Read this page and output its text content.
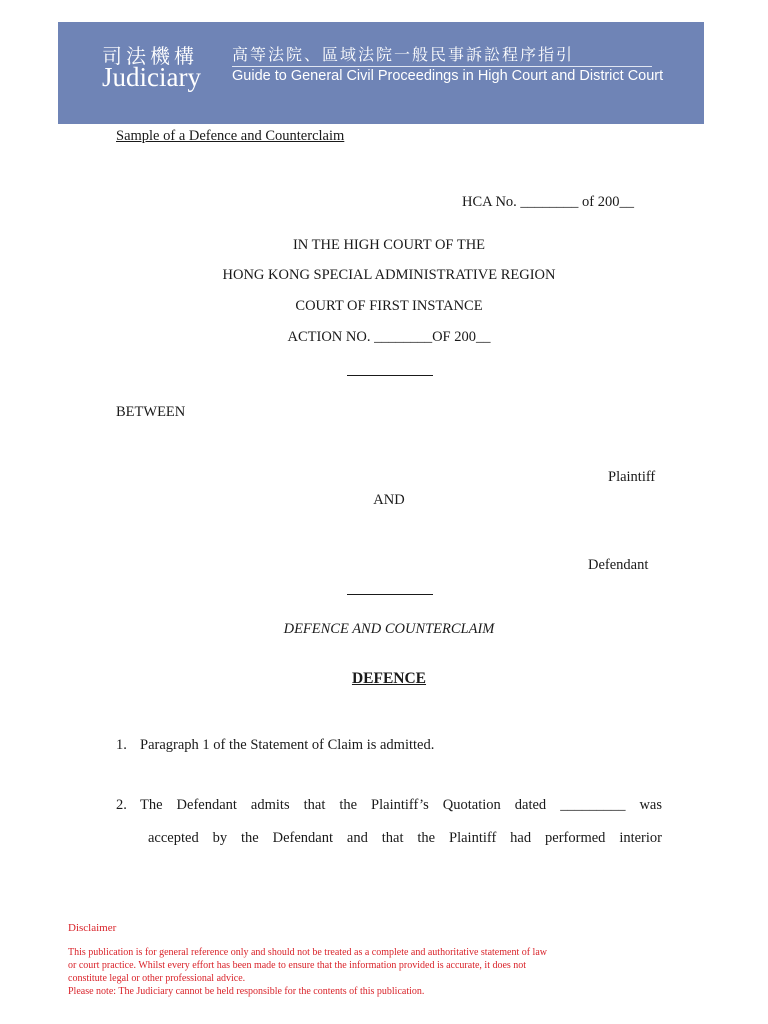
司法機構
Judiciary
高等法院、區域法院一般民事訴訟程序指引
Guide to General Civil Proceedings in High Court and District Court
Sample of a Defence and Counterclaim
HCA No. ________ of 200__
IN THE HIGH COURT OF THE
HONG KONG SPECIAL ADMINISTRATIVE REGION
COURT OF FIRST INSTANCE
ACTION NO. ________OF 200__
BETWEEN
Plaintiff
AND
Defendant
DEFENCE AND COUNTERCLAIM
DEFENCE
1. Paragraph 1 of the Statement of Claim is admitted.
2. The Defendant admits that the Plaintiff’s Quotation dated _________ was
accepted by the Defendant and that the Plaintiff had performed interior
Disclaimer
This publication is for general reference only and should not be treated as a complete and authoritative statement of law
or court practice. Whilst every effort has been made to ensure that the information provided is accurate, it does not
constitute legal or other professional advice.
Please note: The Judiciary cannot be held responsible for the contents of this publication.
